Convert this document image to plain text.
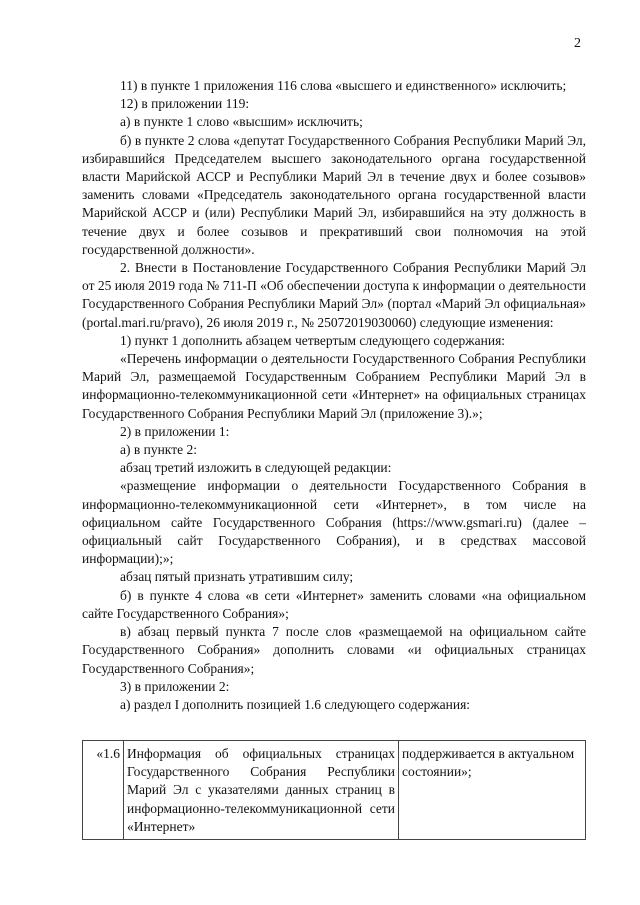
2

11) в пункте 1 приложения 116 слова «высшего и единственного» исключить;

12) в приложении 119:

а) в пункте 1 слово «высшим» исключить;

б) в пункте 2 слова «депутат Государственного Собрания Республики Марий Эл, избиравшийся Председателем высшего законодательного органа государственной власти Марийской АССР и Республики Марий Эл в течение двух и более созывов» заменить словами «Председатель законодательного органа государственной власти Марийской АССР и (или) Республики Марий Эл, избиравшийся на эту должность в течение двух и более созывов и прекративший свои полномочия на этой государственной должности».

2. Внести в Постановление Государственного Собрания Республики Марий Эл от 25 июля 2019 года № 711-П «Об обеспечении доступа к информации о деятельности Государственного Собрания Республики Марий Эл» (портал «Марий Эл официальная» (portal.mari.ru/pravo), 26 июля 2019 г., № 25072019030060) следующие изменения:

1) пункт 1 дополнить абзацем четвертым следующего содержания:

«Перечень информации о деятельности Государственного Собрания Республики Марий Эл, размещаемой Государственным Собранием Республики Марий Эл в информационно-телекоммуникационной сети «Интернет» на официальных страницах Государственного Собрания Республики Марий Эл (приложение 3).»;

2) в приложении 1:

а) в пункте 2:

абзац третий изложить в следующей редакции:

«размещение информации о деятельности Государственного Собрания в информационно-телекоммуникационной сети «Интернет», в том числе на официальном сайте Государственного Собрания (https://www.gsmari.ru) (далее – официальный сайт Государственного Собрания), и в средствах массовой информации);»;

абзац пятый признать утратившим силу;

б) в пункте 4 слова «в сети «Интернет» заменить словами «на официальном сайте Государственного Собрания»;

в) абзац первый пункта 7 после слов «размещаемой на официальном сайте Государственного Собрания» дополнить словами «и официальных страницах Государственного Собрания»;

3) в приложении 2:

а) раздел I дополнить позицией 1.6 следующего содержания:

«1.6	Информация об официальных страницах Государственного Собрания Республики Марий Эл с указателями данных страниц в информационно-телекоммуникационной сети «Интернет»	поддерживается в актуальном состоянии»;
